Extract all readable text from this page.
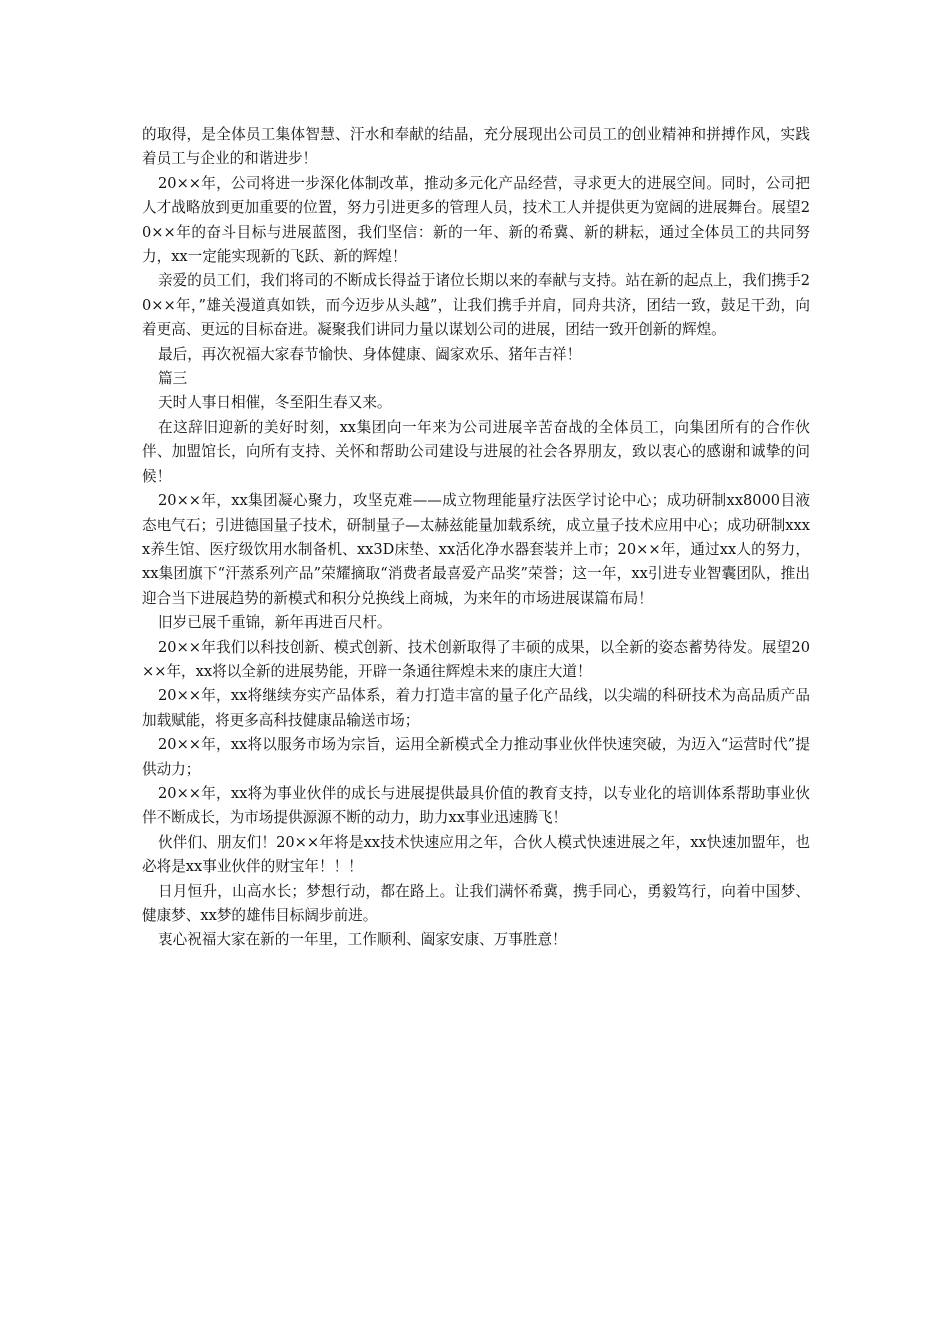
的取得，是全体员工集体智慧、汗水和奉献的结晶，充分展现出公司员工的创业精神和拼搏作风，实践着员工与企业的和谐进步！

20××年，公司将进一步深化体制改革，推动多元化产品经营，寻求更大的进展空间。同时，公司把人才战略放到更加重要的位置，努力引进更多的管理人员，技术工人并提供更为宽阔的进展舞台。展望20××年的奋斗目标与进展蓝图，我们坚信：新的一年、新的希冀、新的耕耘，通过全体员工的共同努力，xx一定能实现新的飞跃、新的辉煌！

亲爱的员工们，我们将司的不断成长得益于诸位长期以来的奉献与支持。站在新的起点上，我们携手20××年，”雄关漫道真如铁，而今迈步从头越”，让我们携手并肩，同舟共济，团结一致，鼓足干劲，向着更高、更远的目标奋进。凝聚我们讲同力量以谋划公司的进展，团结一致开创新的辉煌。

最后，再次祝福大家春节愉快、身体健康、阖家欢乐、猪年吉祥！

篇三

天时人事日相催，冬至阳生春又来。

在这辞旧迎新的美好时刻，xx集团向一年来为公司进展辛苦奋战的全体员工，向集团所有的合作伙伴、加盟馆长，向所有支持、关怀和帮助公司建设与进展的社会各界朋友，致以衷心的感谢和诚挚的问候！

20××年，xx集团凝心聚力，攻坚克难——成立物理能量疗法医学讨论中心；成功研制xx8000目液态电气石；引进德国量子技术，研制量子—太赫兹能量加载系统，成立量子技术应用中心；成功研制xxxx养生馆、医疗级饮用水制备机、xx3D床垫、xx活化净水器套装并上市；20××年，通过xx人的努力，xx集团旗下“汗蒸系列产品”荣耀摘取“消费者最喜爱产品奖”荣誉；这一年，xx引进专业智囊团队，推出迎合当下进展趋势的新模式和积分兑换线上商城，为来年的市场进展谋篇布局！

旧岁已展千重锦，新年再进百尺杆。

20××年我们以科技创新、模式创新、技术创新取得了丰硕的成果，以全新的姿态蓄势待发。展望20××年，xx将以全新的进展势能，开辟一条通往辉煌未来的康庄大道！

20××年，xx将继续夯实产品体系，着力打造丰富的量子化产品线，以尖端的科研技术为高品质产品加载赋能，将更多高科技健康品输送市场；

20××年，xx将以服务市场为宗旨，运用全新模式全力推动事业伙伴快速突破，为迈入“运营时代”提供动力；

20××年，xx将为事业伙伴的成长与进展提供最具价值的教育支持，以专业化的培训体系帮助事业伙伴不断成长，为市场提供源源不断的动力，助力xx事业迅速腾飞！

伙伴们、朋友们！20××年将是xx技术快速应用之年，合伙人模式快速进展之年，xx快速加盟年，也必将是xx事业伙伴的财宝年！！！

日月恒升，山高水长；梦想行动，都在路上。让我们满怀希冀，携手同心，勇毅笃行，向着中国梦、健康梦、xx梦的雄伟目标阔步前进。

衷心祝福大家在新的一年里，工作顺利、阖家安康、万事胜意！
